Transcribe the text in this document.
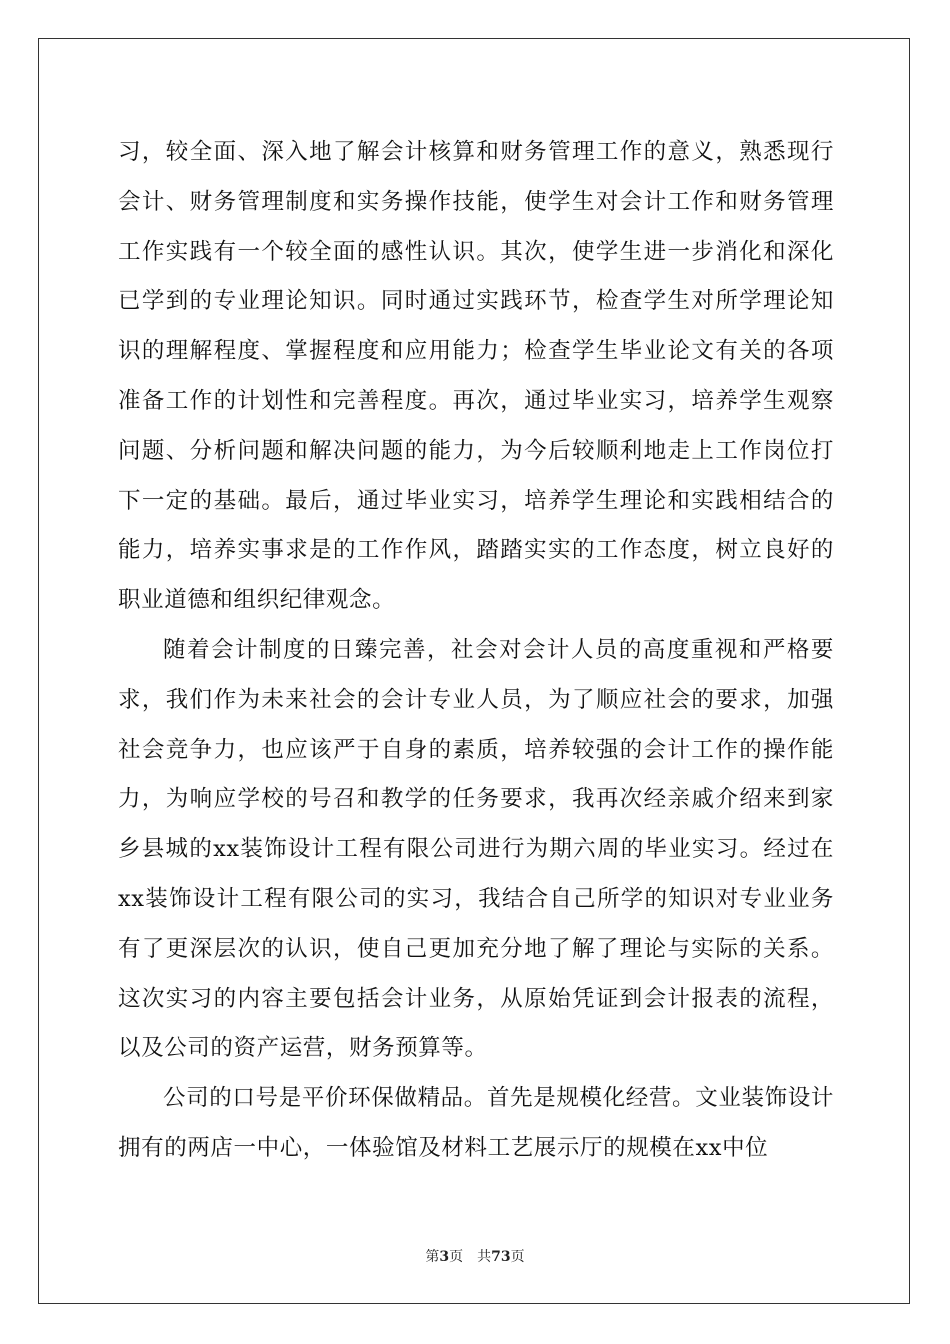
习，较全面、深入地了解会计核算和财务管理工作的意义，熟悉现行会计、财务管理制度和实务操作技能，使学生对会计工作和财务管理工作实践有一个较全面的感性认识。其次，使学生进一步消化和深化已学到的专业理论知识。同时通过实践环节，检查学生对所学理论知识的理解程度、掌握程度和应用能力；检查学生毕业论文有关的各项准备工作的计划性和完善程度。再次，通过毕业实习，培养学生观察问题、分析问题和解决问题的能力，为今后较顺利地走上工作岗位打下一定的基础。最后，通过毕业实习，培养学生理论和实践相结合的能力，培养实事求是的工作作风，踏踏实实的工作态度，树立良好的职业道德和组织纪律观念。

随着会计制度的日臻完善，社会对会计人员的高度重视和严格要求，我们作为未来社会的会计专业人员，为了顺应社会的要求，加强社会竞争力，也应该严于自身的素质，培养较强的会计工作的操作能力，为响应学校的号召和教学的任务要求，我再次经亲戚介绍来到家乡县城的xx装饰设计工程有限公司进行为期六周的毕业实习。经过在xx装饰设计工程有限公司的实习，我结合自己所学的知识对专业业务有了更深层次的认识，使自己更加充分地了解了理论与实际的关系。这次实习的内容主要包括会计业务，从原始凭证到会计报表的流程，以及公司的资产运营，财务预算等。

公司的口号是平价环保做精品。首先是规模化经营。文业装饰设计拥有的两店一中心，一体验馆及材料工艺展示厅的规模在xx中位

第3页 共73页
